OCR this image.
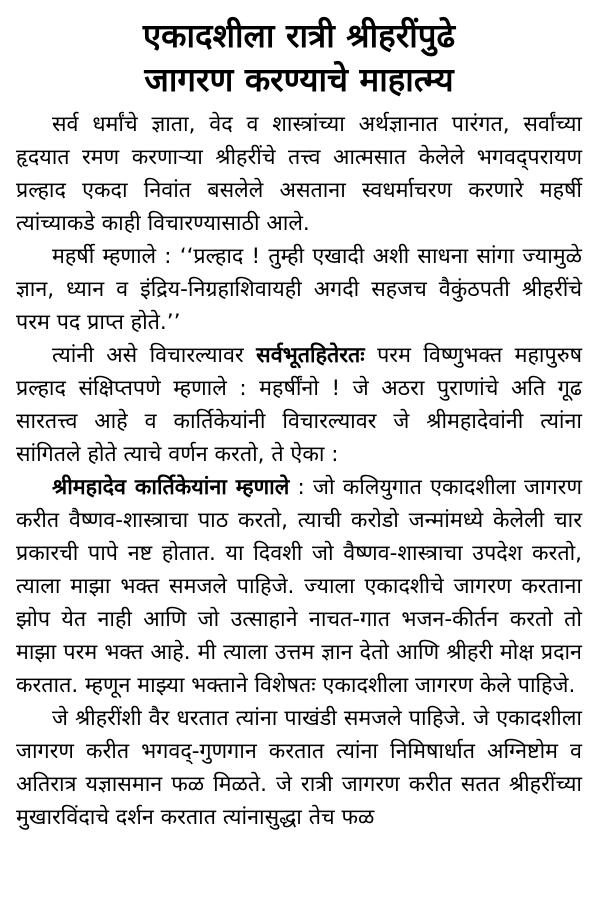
एकादशीला रात्री श्रीहरींपुढे
जागरण करण्याचे माहात्म्य

सर्व धर्मांचे ज्ञाता, वेद व शास्त्रांच्या अर्थज्ञानात पारंगत, सर्वांच्या हृदयात रमण करणाऱ्या श्रीहरींचे तत्त्व आत्मसात केलेले भगवद्परायण प्रल्हाद एकदा निवांत बसलेले असताना स्वधर्माचरण करणारे महर्षी त्यांच्याकडे काही विचारण्यासाठी आले.

महर्षी म्हणाले : ‘‘प्रल्हाद ! तुम्ही एखादी अशी साधना सांगा ज्यामुळे ज्ञान, ध्यान व इंद्रिय-निग्रहाशिवायही अगदी सहजच वैकुंठपती श्रीहरींचे परम पद प्राप्त होते.’’

त्यांनी असे विचारल्यावर सर्वभूतहितेरतः परम विष्णुभक्त महापुरुष प्रल्हाद संक्षिप्तपणे म्हणाले : महर्षींनो ! जे अठरा पुराणांचे अति गूढ सारतत्त्व आहे व कार्तिकेयांनी विचारल्यावर जे श्रीमहादेवांनी त्यांना सांगितले होते त्याचे वर्णन करतो, ते ऐका :

श्रीमहादेव कार्तिकेयांना म्हणाले : जो कलियुगात एकादशीला जागरण करीत वैष्णव-शास्त्राचा पाठ करतो, त्याची करोडो जन्मांमध्ये केलेली चार प्रकारची पापे नष्ट होतात. या दिवशी जो वैष्णव-शास्त्राचा उपदेश करतो, त्याला माझा भक्त समजले पाहिजे. ज्याला एकादशीचे जागरण करताना झोप येत नाही आणि जो उत्साहाने नाचत-गात भजन-कीर्तन करतो तो माझा परम भक्त आहे. मी त्याला उत्तम ज्ञान देतो आणि श्रीहरी मोक्ष प्रदान करतात. म्हणून माझ्या भक्ताने विशेषतः एकादशीला जागरण केले पाहिजे.

जे श्रीहरींशी वैर धरतात त्यांना पाखंडी समजले पाहिजे. जे एकादशीला जागरण करीत भगवद्-गुणगान करतात त्यांना निमिषार्धात अग्निष्टोम व अतिरात्र यज्ञासमान फळ मिळते. जे रात्री जागरण करीत सतत श्रीहरींच्या मुखारविंदाचे दर्शन करतात त्यांनासुद्धा तेच फळ
